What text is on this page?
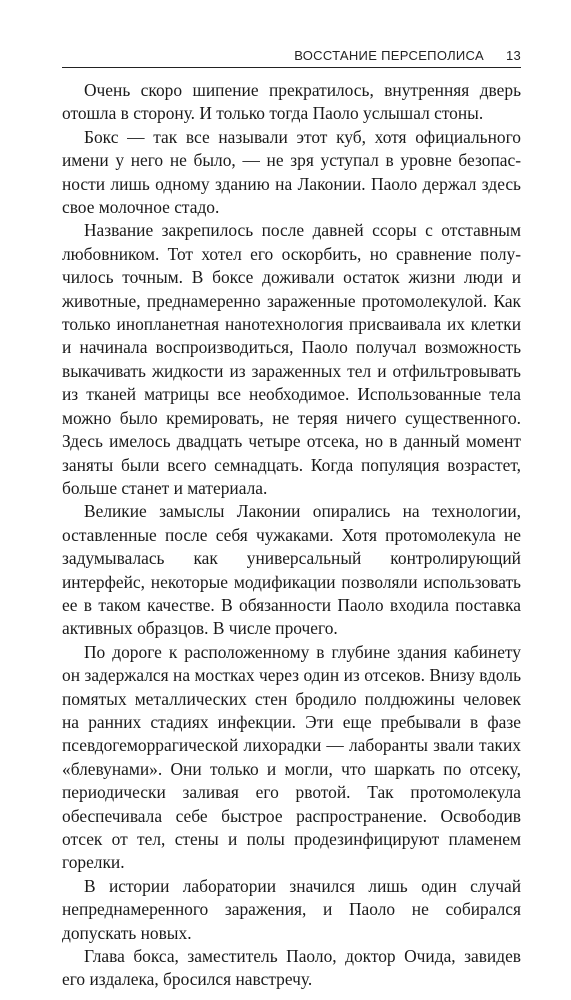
ВОССТАНИЕ ПЕРСЕПОЛИСА 13

Очень скоро шипение прекратилось, внутренняя дверь отошла в сторону. И только тогда Паоло услышал стоны.

Бокс — так все называли этот куб, хотя официального имени у него не было, — не зря уступал в уровне безопасности лишь одному зданию на Лаконии. Паоло держал здесь свое молочное стадо.

Название закрепилось после давней ссоры с отставным любовником. Тот хотел его оскорбить, но сравнение получилось точным. В боксе доживали остаток жизни люди и животные, преднамеренно зараженные протомолекулой. Как только инопланетная нанотехнология присваивала их клетки и начинала воспроизводиться, Паоло получал возможность выкачивать жидкости из зараженных тел и отфильтровывать из тканей матрицы все необходимое. Использованные тела можно было кремировать, не теряя ничего существенного. Здесь имелось двадцать четыре отсека, но в данный момент заняты были всего семнадцать. Когда популяция возрастет, больше станет и материала.

Великие замыслы Лаконии опирались на технологии, оставленные после себя чужаками. Хотя протомолекула не задумывалась как универсальный контролирующий интерфейс, некоторые модификации позволяли использовать ее в таком качестве. В обязанности Паоло входила поставка активных образцов. В числе прочего.

По дороге к расположенному в глубине здания кабинету он задержался на мостках через один из отсеков. Внизу вдоль помятых металлических стен бродило полдюжины человек на ранних стадиях инфекции. Эти еще пребывали в фазе псевдогеморрагической лихорадки — лаборанты звали таких «блевунами». Они только и могли, что шаркать по отсеку, периодически заливая его рвотой. Так протомолекула обеспечивала себе быстрое распространение. Освободив отсек от тел, стены и полы продезинфицируют пламенем горелки.

В истории лаборатории значился лишь один случай непреднамеренного заражения, и Паоло не собирался допускать новых.

Глава бокса, заместитель Паоло, доктор Очида, завидев его издалека, бросился навстречу.
